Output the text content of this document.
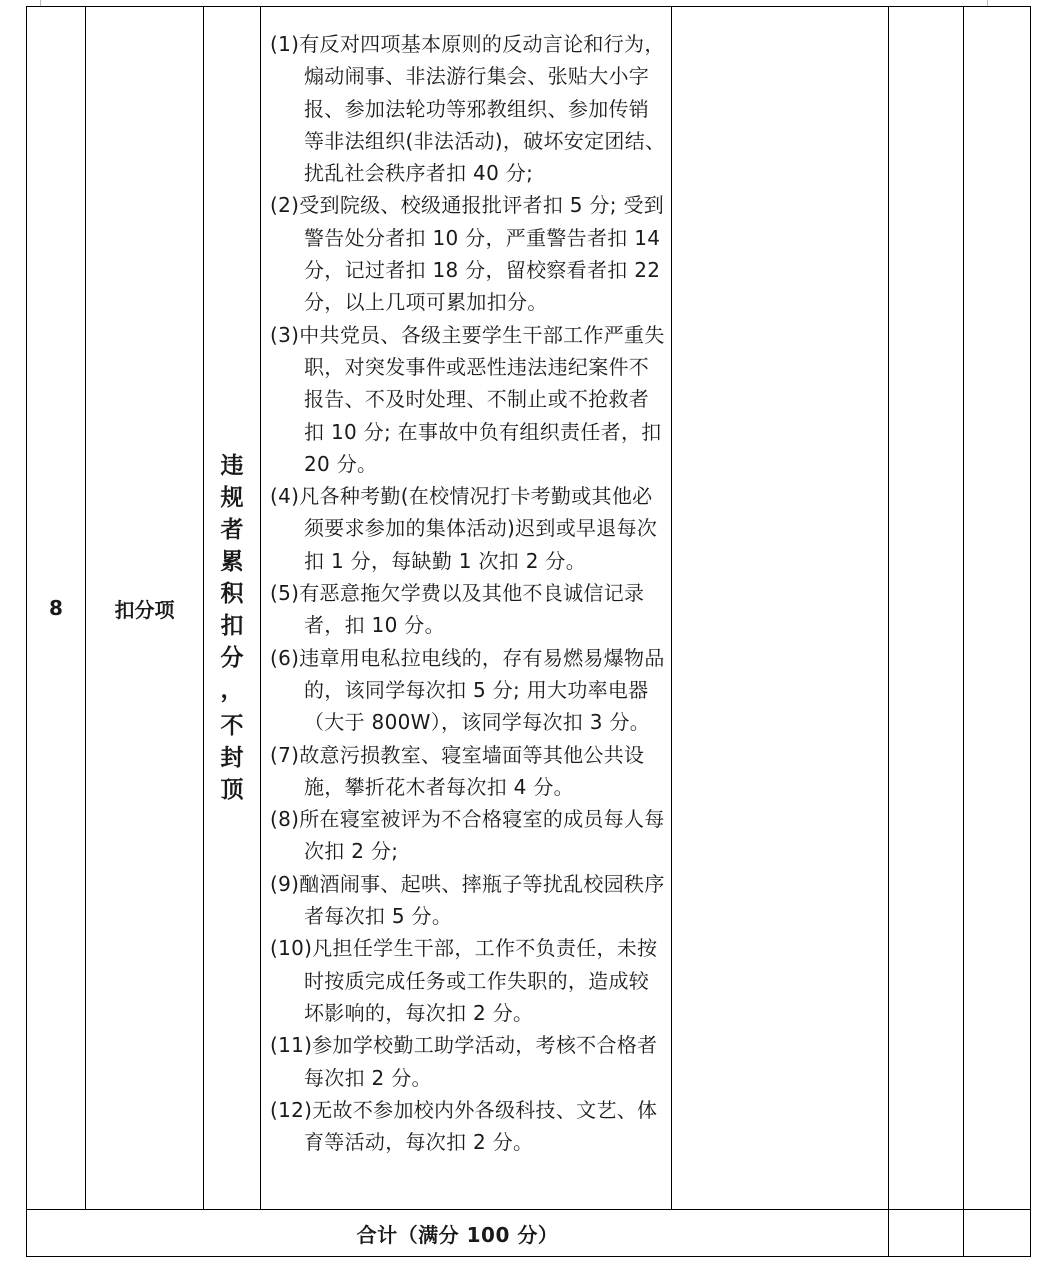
8	扣分项
违
规
者
累
积
扣
分
，
不
封
顶

(1)有反对四项基本原则的反动言论和行为，煽动闹事、非法游行集会、张贴大小字报、参加法轮功等邪教组织、参加传销等非法组织(非法活动)，破坏安定团结、扰乱社会秩序者扣 40 分;

(2)受到院级、校级通报批评者扣 5 分; 受到警告处分者扣 10 分，严重警告者扣 14 分，记过者扣 18 分，留校察看者扣 22 分，以上几项可累加扣分。

(3)中共党员、各级主要学生干部工作严重失职，对突发事件或恶性违法违纪案件不报告、不及时处理、不制止或不抢救者扣 10 分; 在事故中负有组织责任者，扣 20 分。

(4)凡各种考勤(在校情况打卡考勤或其他必须要求参加的集体活动)迟到或早退每次扣 1 分，每缺勤 1 次扣 2 分。

(5)有恶意拖欠学费以及其他不良诚信记录者，扣 10 分。

(6)违章用电私拉电线的，存有易燃易爆物品的，该同学每次扣 5 分; 用大功率电器（大于 800W），该同学每次扣 3 分。

(7)故意污损教室、寝室墙面等其他公共设施，攀折花木者每次扣 4 分。

(8)所在寝室被评为不合格寝室的成员每人每次扣 2 分;

(9)酗酒闹事、起哄、摔瓶子等扰乱校园秩序者每次扣 5 分。

(10)凡担任学生干部，工作不负责任，未按时按质完成任务或工作失职的，造成较坏影响的，每次扣 2 分。

(11)参加学校勤工助学活动，考核不合格者每次扣 2 分。

(12)无故不参加校内外各级科技、文艺、体育等活动，每次扣 2 分。

合计（满分 100 分）
